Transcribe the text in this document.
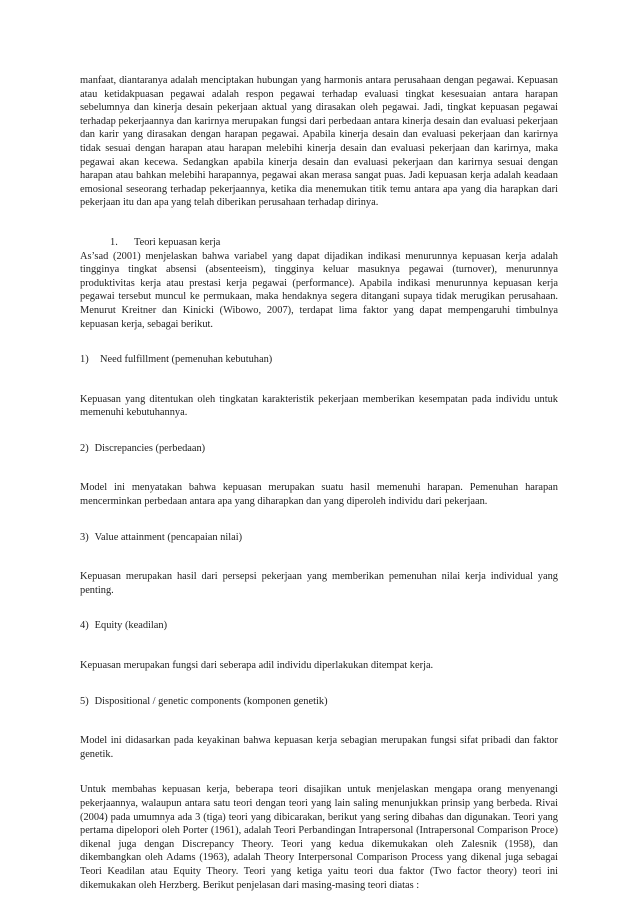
manfaat, diantaranya adalah menciptakan hubungan yang harmonis antara perusahaan dengan pegawai. Kepuasan atau ketidakpuasan pegawai adalah respon pegawai terhadap evaluasi tingkat kesesuaian antara harapan sebelumnya dan kinerja desain pekerjaan aktual yang dirasakan oleh pegawai. Jadi, tingkat kepuasan pegawai terhadap pekerjaannya dan karirnya merupakan fungsi dari perbedaan antara kinerja desain dan evaluasi pekerjaan dan karir yang dirasakan dengan harapan pegawai. Apabila kinerja desain dan evaluasi pekerjaan dan karirnya tidak sesuai dengan harapan atau harapan melebihi kinerja desain dan evaluasi pekerjaan dan karirnya, maka pegawai akan kecewa. Sedangkan apabila kinerja desain dan evaluasi pekerjaan dan karirnya sesuai dengan harapan atau bahkan melebihi harapannya, pegawai akan merasa sangat puas. Jadi kepuasan kerja adalah keadaan emosional seseorang terhadap pekerjaannya, ketika dia menemukan titik temu antara apa yang dia harapkan dari pekerjaan itu dan apa yang telah diberikan perusahaan terhadap dirinya.

1. Teori kepuasan kerja

As’sad (2001) menjelaskan bahwa variabel yang dapat dijadikan indikasi menurunnya kepuasan kerja adalah tingginya tingkat absensi (absenteeism), tingginya keluar masuknya pegawai (turnover), menurunnya produktivitas kerja atau prestasi kerja pegawai (performance). Apabila indikasi menurunnya kepuasan kerja pegawai tersebut muncul ke permukaan, maka hendaknya segera ditangani supaya tidak merugikan perusahaan. Menurut Kreitner dan Kinicki (Wibowo, 2007), terdapat lima faktor yang dapat mempengaruhi timbulnya kepuasan kerja, sebagai berikut.

1) Need fulfillment (pemenuhan kebutuhan)

Kepuasan yang ditentukan oleh tingkatan karakteristik pekerjaan memberikan kesempatan pada individu untuk memenuhi kebutuhannya.

2) Discrepancies (perbedaan)

Model ini menyatakan bahwa kepuasan merupakan suatu hasil memenuhi harapan. Pemenuhan harapan mencerminkan perbedaan antara apa yang diharapkan dan yang diperoleh individu dari pekerjaan.

3) Value attainment (pencapaian nilai)

Kepuasan merupakan hasil dari persepsi pekerjaan yang memberikan pemenuhan nilai kerja individual yang penting.

4) Equity (keadilan)

Kepuasan merupakan fungsi dari seberapa adil individu diperlakukan ditempat kerja.

5) Dispositional / genetic components (komponen genetik)

Model ini didasarkan pada keyakinan bahwa kepuasan kerja sebagian merupakan fungsi sifat pribadi dan faktor genetik.

Untuk membahas kepuasan kerja, beberapa teori disajikan untuk menjelaskan mengapa orang menyenangi pekerjaannya, walaupun antara satu teori dengan teori yang lain saling menunjukkan prinsip yang berbeda. Rivai (2004) pada umumnya ada 3 (tiga) teori yang dibicarakan, berikut yang sering dibahas dan digunakan. Teori yang pertama dipelopori oleh Porter (1961), adalah Teori Perbandingan Intrapersonal (Intrapersonal Comparison Proce) dikenal juga dengan Discrepancy Theory. Teori yang kedua dikemukakan oleh Zalesnik (1958), dan dikembangkan oleh Adams (1963), adalah Theory Interpersonal Comparison Process yang dikenal juga sebagai Teori Keadilan atau Equity Theory. Teori yang ketiga yaitu teori dua faktor (Two factor theory) teori ini dikemukakan oleh Herzberg. Berikut penjelasan dari masing-masing teori diatas :
